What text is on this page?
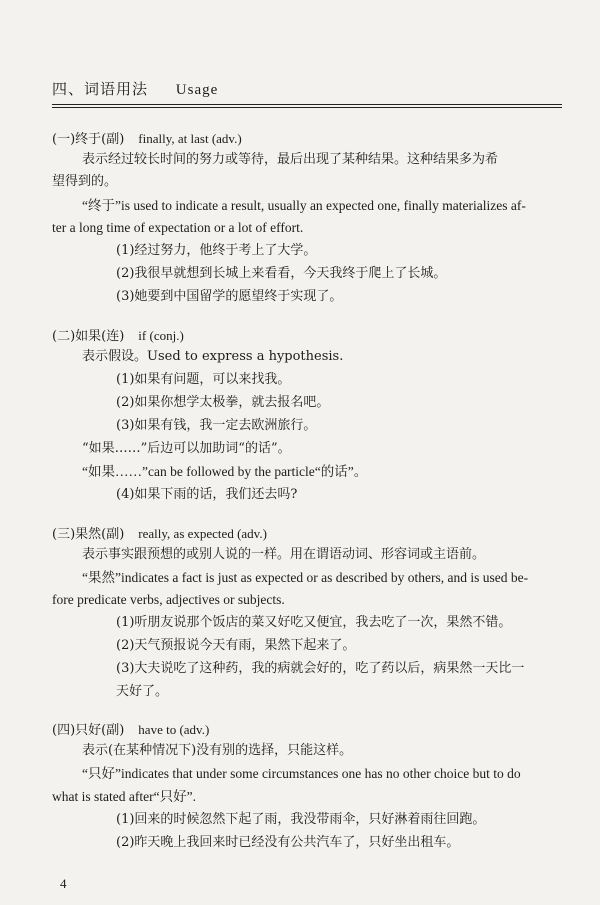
四、词语用法 Usage
(一)终于(副) finally, at last (adv.)
表示经过较长时间的努力或等待，最后出现了某种结果。这种结果多为希
望得到的。
“终于”is used to indicate a result, usually an expected one, finally materializes af-
ter a long time of expectation or a lot of effort.
(1)经过努力，他终于考上了大学。
(2)我很早就想到长城上来看看，今天我终于爬上了长城。
(3)她要到中国留学的愿望终于实现了。
(二)如果(连) if (conj.)
表示假设。Used to express a hypothesis.
(1)如果有问题，可以来找我。
(2)如果你想学太极拳，就去报名吧。
(3)如果有钱，我一定去欧洲旅行。
“如果……”后边可以加助词“的话”。
“如果……”can be followed by the particle“的话”。
(4)如果下雨的话，我们还去吗?
(三)果然(副) really, as expected (adv.)
表示事实跟预想的或别人说的一样。用在谓语动词、形容词或主语前。
“果然”indicates a fact is just as expected or as described by others, and is used be-
fore predicate verbs, adjectives or subjects.
(1)听朋友说那个饭店的菜又好吃又便宜，我去吃了一次，果然不错。
(2)天气预报说今天有雨，果然下起来了。
(3)大夫说吃了这种药，我的病就会好的，吃了药以后，病果然一天比一
天好了。
(四)只好(副) have to (adv.)
表示(在某种情况下)没有别的选择，只能这样。
“只好”indicates that under some circumstances one has no other choice but to do
what is stated after“只好”.
(1)回来的时候忽然下起了雨，我没带雨伞，只好淋着雨往回跑。
(2)昨天晚上我回来时已经没有公共汽车了，只好坐出租车。
4
